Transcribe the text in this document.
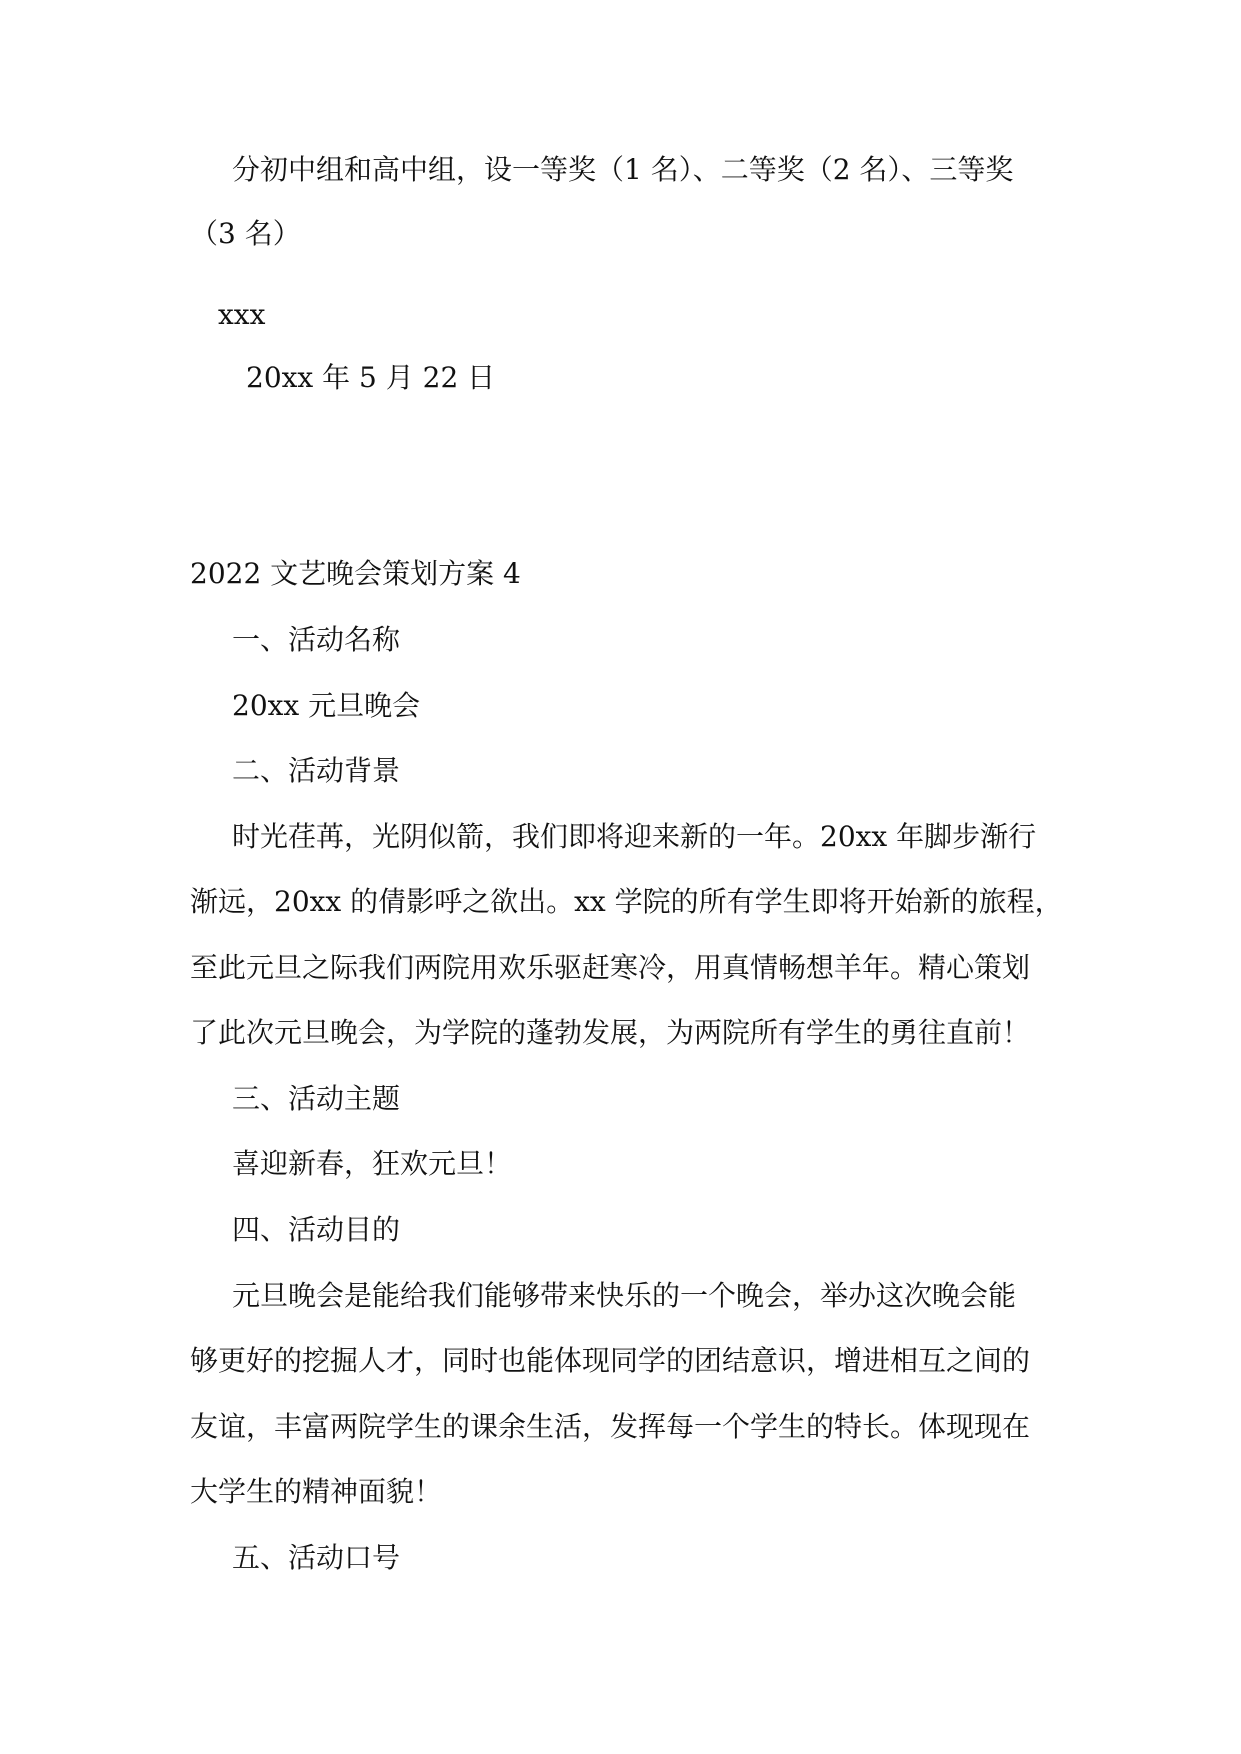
分初中组和高中组，设一等奖（1 名）、二等奖（2 名）、三等奖
（3 名）
xxx
20xx 年 5 月 22 日
2022 文艺晚会策划方案 4
一、活动名称
20xx 元旦晚会
二、活动背景
时光荏苒，光阴似箭，我们即将迎来新的一年。20xx 年脚步渐行
渐远，20xx 的倩影呼之欲出。xx 学院的所有学生即将开始新的旅程，
至此元旦之际我们两院用欢乐驱赶寒冷，用真情畅想羊年。精心策划
了此次元旦晚会，为学院的蓬勃发展，为两院所有学生的勇往直前！
三、活动主题
喜迎新春，狂欢元旦！
四、活动目的
元旦晚会是能给我们能够带来快乐的一个晚会，举办这次晚会能
够更好的挖掘人才，同时也能体现同学的团结意识，增进相互之间的
友谊，丰富两院学生的课余生活，发挥每一个学生的特长。体现现在
大学生的精神面貌！
五、活动口号
